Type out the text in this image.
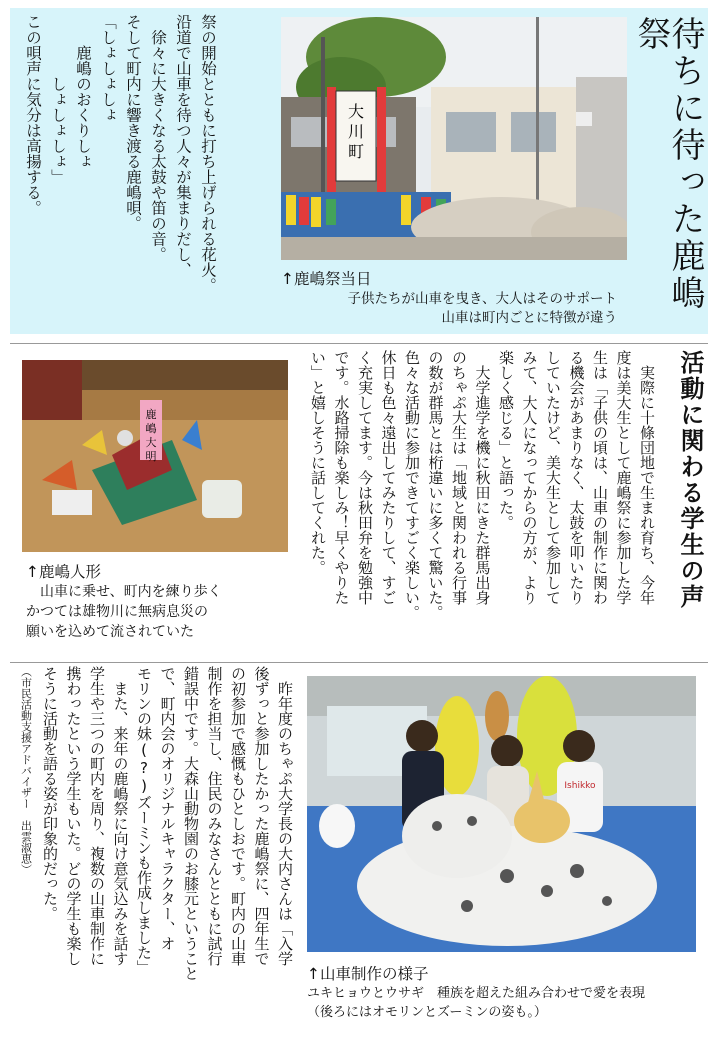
待ちに待った鹿嶋祭

祭の開始とともに打ち上げられる花火。

沿道で山車を待つ人々が集まりだし、

　徐々に大きくなる太鼓や笛の音。

そして町内に響き渡る鹿嶋唄。

「しょしょしょ

　　鹿嶋のおくりしょ

　　　　しょしょしょ」

この唄声に気分は高揚する。	大
川
町

↑鹿嶋祭当日

子供たちが山車を曳き、大人はそのサポート

山車は町内ごとに特徴が違う

鹿
嶋
大
明

↑鹿嶋人形

　山車に乗せ、町内を練り歩く

かつては雄物川に無病息災の

願いを込めて流されていた

活動に関わる学生の声

　実際に十條団地で生まれ育ち、今年

度は美大生として鹿嶋祭に参加した学

生は「子供の頃は、山車の制作に関わ

る機会があまりなく、太鼓を叩いたり

していたけど、美大生として参加して

みて、大人になってからの方が、より

楽しく感じる」と語った。

　大学進学を機に秋田にきた群馬出身

のちゃぷ大生は「地域と関われる行事

の数が群馬とは桁違いに多くて驚いた。

色々な活動に参加できてすごく楽しい。

休日も色々遠出してみたりして、すご

く充実してます。今は秋田弁を勉強中

です。水路掃除も楽しみ！早くやりた

い」と嬉しそうに話してくれた。

　昨年度のちゃぷ大学長の大内さんは「入学

後ずっと参加したかった鹿嶋祭に、四年生で

の初参加で感慨もひとしおです。町内の山車

制作を担当し、住民のみなさんとともに試行

錯誤中です。大森山動物園のお膝元ということ

で、町内会のオリジナルキャラクター、オ

モリンの妹(?)ズーミンも作成しました」

　また、来年の鹿嶋祭に向け意気込みを話す

学生や三つの町内を周り、複数の山車制作に

携わったという学生もいた。どの学生も楽し

そうに活動を語る姿が印象的だった。

（市民活動支援アドバイザー　出雲淑恵）	Ishikko

↑山車制作の様子

ユキヒョウとウサギ　種族を超えた組み合わせで愛を表現

（後ろにはオモリンとズーミンの姿も。）
